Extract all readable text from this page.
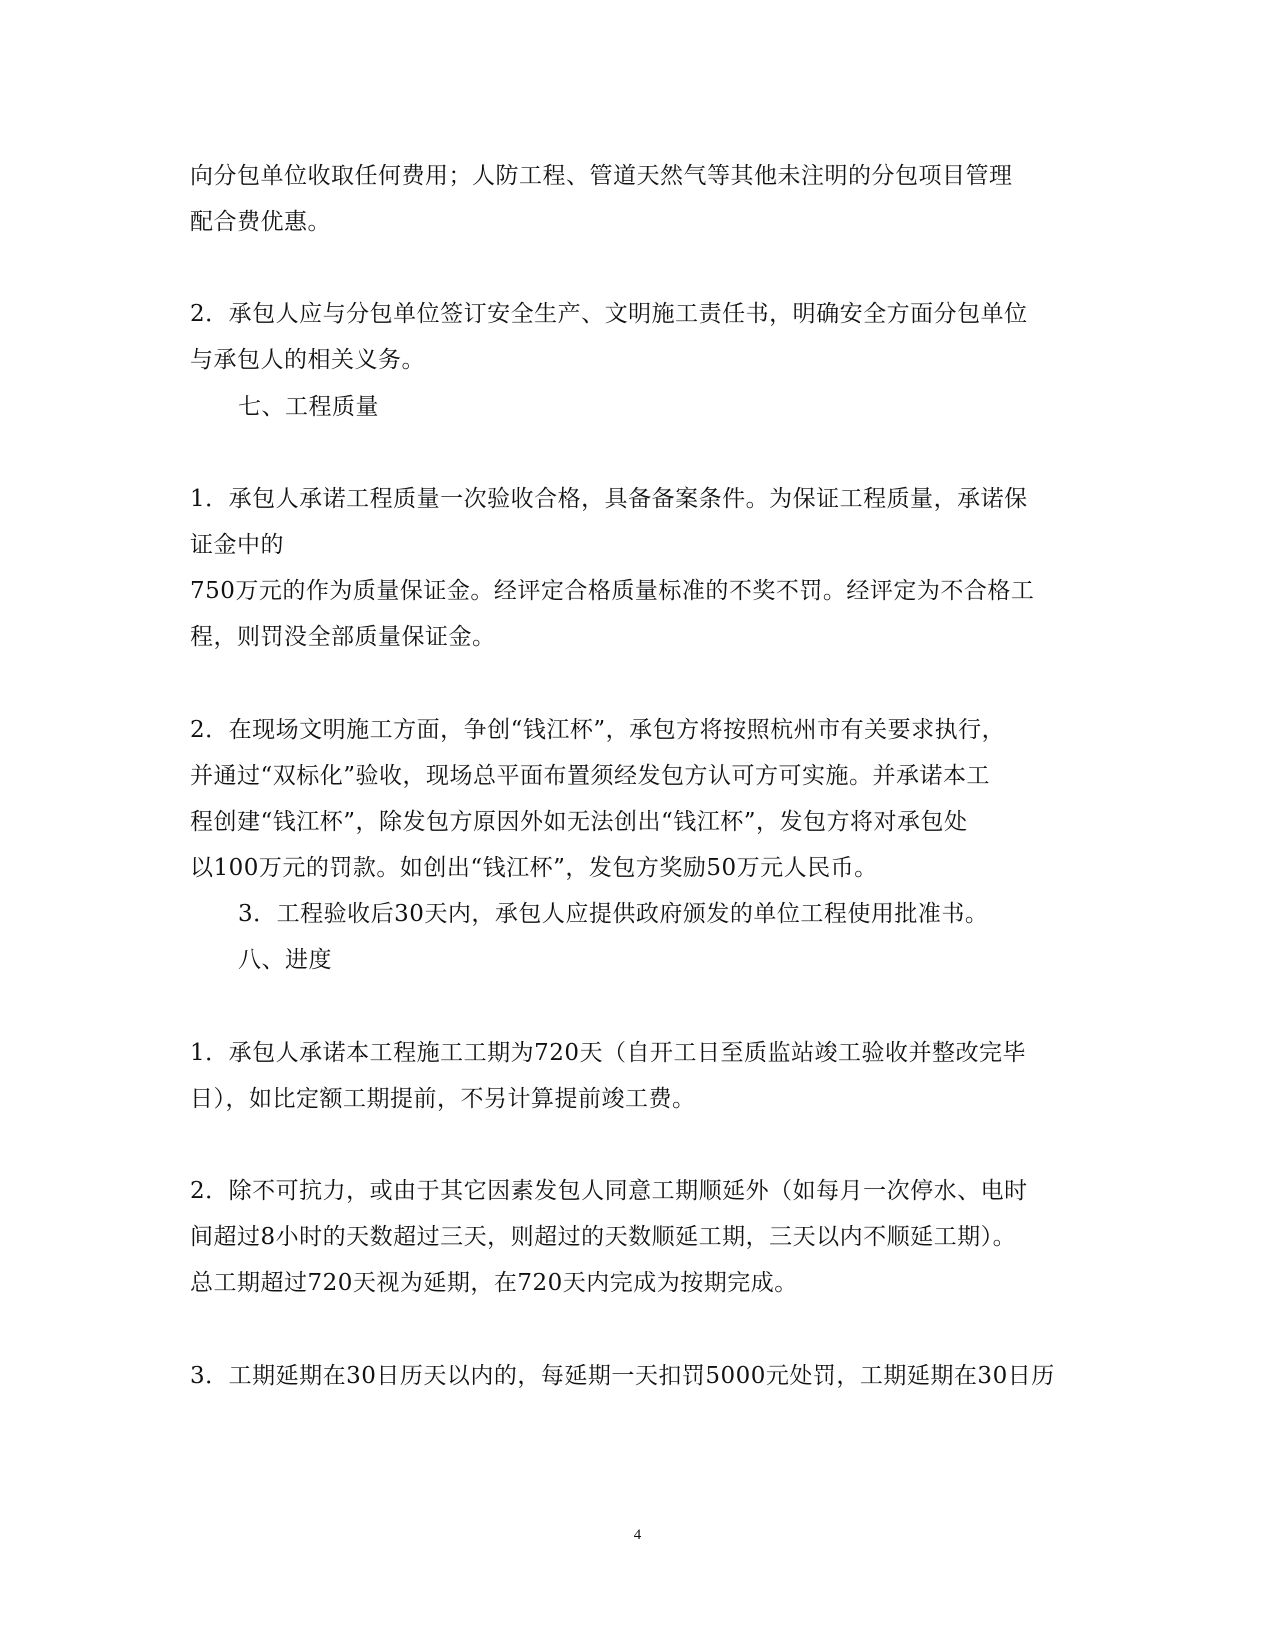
向分包单位收取任何费用；人防工程、管道天然气等其他未注明的分包项目管理
配合费优惠。
2．承包人应与分包单位签订安全生产、文明施工责任书，明确安全方面分包单位
与承包人的相关义务。
七、工程质量
1．承包人承诺工程质量一次验收合格，具备备案条件。为保证工程质量，承诺保
证金中的
750万元的作为质量保证金。经评定合格质量标准的不奖不罚。经评定为不合格工
程，则罚没全部质量保证金。
2．在现场文明施工方面，争创“钱江杯”，承包方将按照杭州市有关要求执行，
并通过“双标化”验收，现场总平面布置须经发包方认可方可实施。并承诺本工
程创建“钱江杯”，除发包方原因外如无法创出“钱江杯”，发包方将对承包处
以100万元的罚款。如创出“钱江杯”，发包方奖励50万元人民币。
3．工程验收后30天内，承包人应提供政府颁发的单位工程使用批准书。
八、进度
1．承包人承诺本工程施工工期为720天（自开工日至质监站竣工验收并整改完毕
日），如比定额工期提前，不另计算提前竣工费。
2．除不可抗力，或由于其它因素发包人同意工期顺延外（如每月一次停水、电时
间超过8小时的天数超过三天，则超过的天数顺延工期，三天以内不顺延工期）。
总工期超过720天视为延期，在720天内完成为按期完成。
3．工期延期在30日历天以内的，每延期一天扣罚5000元处罚，工期延期在30日历
4
